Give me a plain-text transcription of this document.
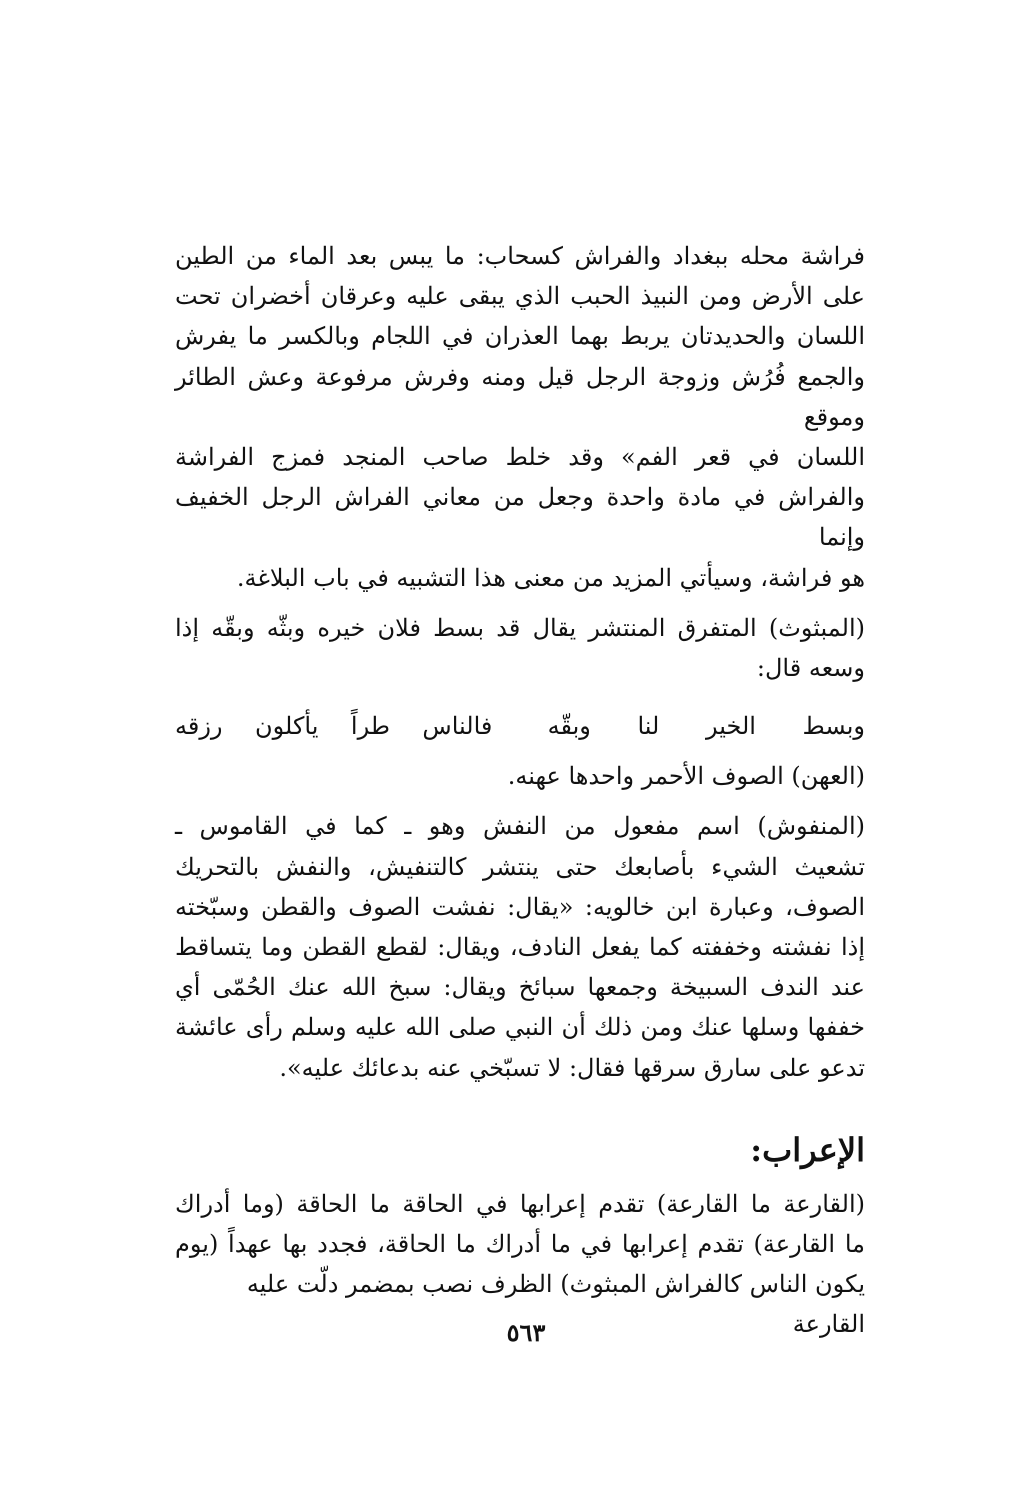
فراشة محله ببغداد والفراش كسحاب: ما يبس بعد الماء من الطين
على الأرض ومن النبيذ الحبب الذي يبقى عليه وعرقان أخضران تحت
اللسان والحديدتان يربط بهما العذران في اللجام وبالكسر ما يفرش
والجمع فُرُش وزوجة الرجل قيل ومنه وفرش مرفوعة وعش الطائر وموقع
اللسان في قعر الفم» وقد خلط صاحب المنجد فمزج الفراشة
والفراش في مادة واحدة وجعل من معاني الفراش الرجل الخفيف وإنما
هو فراشة، وسيأتي المزيد من معنى هذا التشبيه في باب البلاغة.

(المبثوث) المتفرق المنتشر يقال قد بسط فلان خيره وبثّه وبقّه إذا
وسعه قال:

وبسط الخير لنا وبقّه
فالناس طراً يأكلون رزقه

(العهن) الصوف الأحمر واحدها عهنه.

(المنفوش) اسم مفعول من النفش وهو ـ كما في القاموس ـ
تشعيث الشيء بأصابعك حتى ينتشر كالتنفيش، والنفش بالتحريك
الصوف، وعبارة ابن خالويه: «يقال: نفشت الصوف والقطن وسبّخته
إذا نفشته وخففته كما يفعل النادف، ويقال: لقطع القطن وما يتساقط
عند الندف السبيخة وجمعها سبائخ ويقال: سبخ الله عنك الحُمّى أي
خففها وسلها عنك ومن ذلك أن النبي صلى الله عليه وسلم رأى عائشة
تدعو على سارق سرقها فقال: لا تسبّخي عنه بدعائك عليه».

الإعراب:

(القارعة ما القارعة) تقدم إعرابها في الحاقة ما الحاقة (وما أدراك
ما القارعة) تقدم إعرابها في ما أدراك ما الحاقة، فجدد بها عهداً (يوم
يكون الناس كالفراش المبثوث) الظرف نصب بمضمر دلّت عليه القارعة

٥٦٣
